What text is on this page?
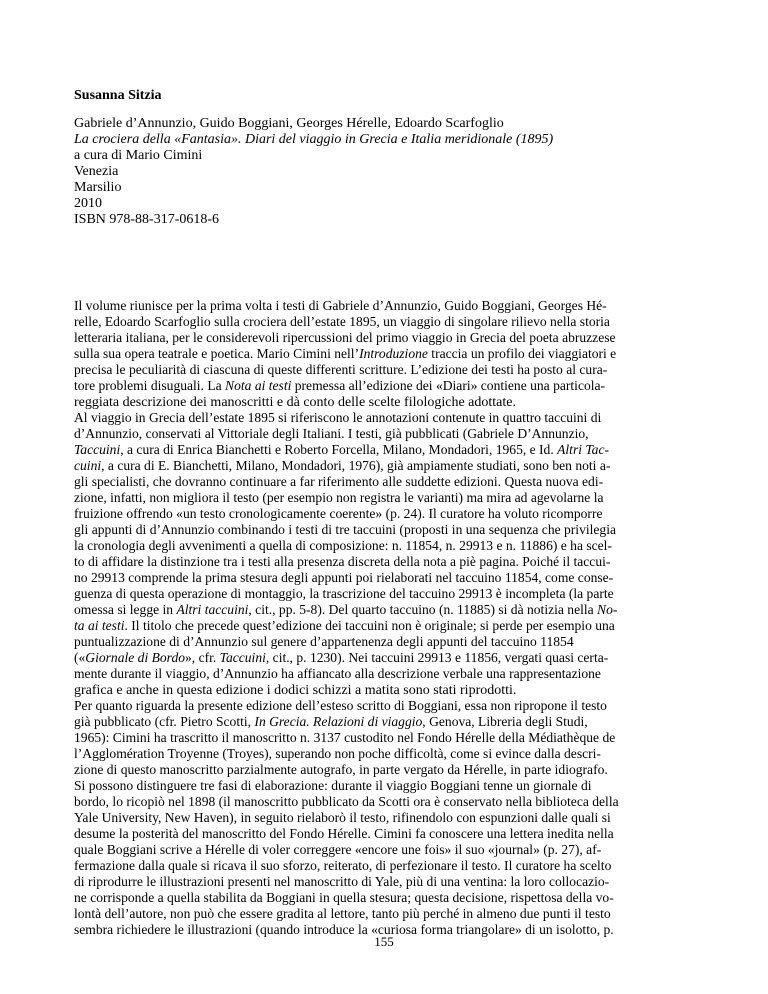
Susanna Sitzia
Gabriele d’Annunzio, Guido Boggiani, Georges Hérelle, Edoardo Scarfoglio
La crociera della «Fantasia». Diari del viaggio in Grecia e Italia meridionale (1895)
a cura di Mario Cimini
Venezia
Marsilio
2010
ISBN 978-88-317-0618-6
Il volume riunisce per la prima volta i testi di Gabriele d’Annunzio, Guido Boggiani, Georges Hé-
relle, Edoardo Scarfoglio sulla crociera dell’estate 1895, un viaggio di singolare rilievo nella storia
letteraria italiana, per le considerevoli ripercussioni del primo viaggio in Grecia del poeta abruzzese
sulla sua opera teatrale e poetica. Mario Cimini nell’Introduzione traccia un profilo dei viaggiatori e
precisa le peculiarità di ciascuna di queste differenti scritture. L’edizione dei testi ha posto al cura-
tore problemi disuguali. La Nota ai testi premessa all’edizione dei «Diari» contiene una particola-
reggiata descrizione dei manoscritti e dà conto delle scelte filologiche adottate.
Al viaggio in Grecia dell’estate 1895 si riferiscono le annotazioni contenute in quattro taccuini di
d’Annunzio, conservati al Vittoriale degli Italiani. I testi, già pubblicati (Gabriele D’Annunzio,
Taccuini, a cura di Enrica Bianchetti e Roberto Forcella, Milano, Mondadori, 1965, e Id. Altri Tac-
cuini, a cura di E. Bianchetti, Milano, Mondadori, 1976), già ampiamente studiati, sono ben noti a-
gli specialisti, che dovranno continuare a far riferimento alle suddette edizioni. Questa nuova edi-
zione, infatti, non migliora il testo (per esempio non registra le varianti) ma mira ad agevolarne la
fruizione offrendo «un testo cronologicamente coerente» (p. 24). Il curatore ha voluto ricomporre
gli appunti di d’Annunzio combinando i testi di tre taccuini (proposti in una sequenza che privilegia
la cronologia degli avvenimenti a quella di composizione: n. 11854, n. 29913 e n. 11886) e ha scel-
to di affidare la distinzione tra i testi alla presenza discreta della nota a piè pagina. Poiché il taccui-
no 29913 comprende la prima stesura degli appunti poi rielaborati nel taccuino 11854, come conse-
guenza di questa operazione di montaggio, la trascrizione del taccuino 29913 è incompleta (la parte
omessa si legge in Altri taccuini, cit., pp. 5-8). Del quarto taccuino (n. 11885) si dà notizia nella No-
ta ai testi. Il titolo che precede quest’edizione dei taccuini non è originale; si perde per esempio una
puntualizzazione di d’Annunzio sul genere d’appartenenza degli appunti del taccuino 11854
(«Giornale di Bordo», cfr. Taccuini, cit., p. 1230). Nei taccuini 29913 e 11856, vergati quasi certa-
mente durante il viaggio, d’Annunzio ha affiancato alla descrizione verbale una rappresentazione
grafica e anche in questa edizione i dodici schizzi a matita sono stati riprodotti.
Per quanto riguarda la presente edizione dell’esteso scritto di Boggiani, essa non ripropone il testo
già pubblicato (cfr. Pietro Scotti, In Grecia. Relazioni di viaggio, Genova, Libreria degli Studi,
1965): Cimini ha trascritto il manoscritto n. 3137 custodito nel Fondo Hérelle della Médiathèque de
l’Agglomération Troyenne (Troyes), superando non poche difficoltà, come si evince dalla descri-
zione di questo manoscritto parzialmente autografo, in parte vergato da Hérelle, in parte idiografo.
Si possono distinguere tre fasi di elaborazione: durante il viaggio Boggiani tenne un giornale di
bordo, lo ricopiò nel 1898 (il manoscritto pubblicato da Scotti ora è conservato nella biblioteca della
Yale University, New Haven), in seguito rielaborò il testo, rifinendolo con espunzioni dalle quali si
desume la posterità del manoscritto del Fondo Hérelle. Cimini fa conoscere una lettera inedita nella
quale Boggiani scrive a Hérelle di voler correggere «encore une fois» il suo «journal» (p. 27), af-
fermazione dalla quale si ricava il suo sforzo, reiterato, di perfezionare il testo. Il curatore ha scelto
di riprodurre le illustrazioni presenti nel manoscritto di Yale, più di una ventina: la loro collocazio-
ne corrisponde a quella stabilita da Boggiani in quella stesura; questa decisione, rispettosa della vo-
lontà dell’autore, non può che essere gradita al lettore, tanto più perché in almeno due punti il testo
sembra richiedere le illustrazioni (quando introduce la «curiosa forma triangolare» di un isolotto, p.
155
